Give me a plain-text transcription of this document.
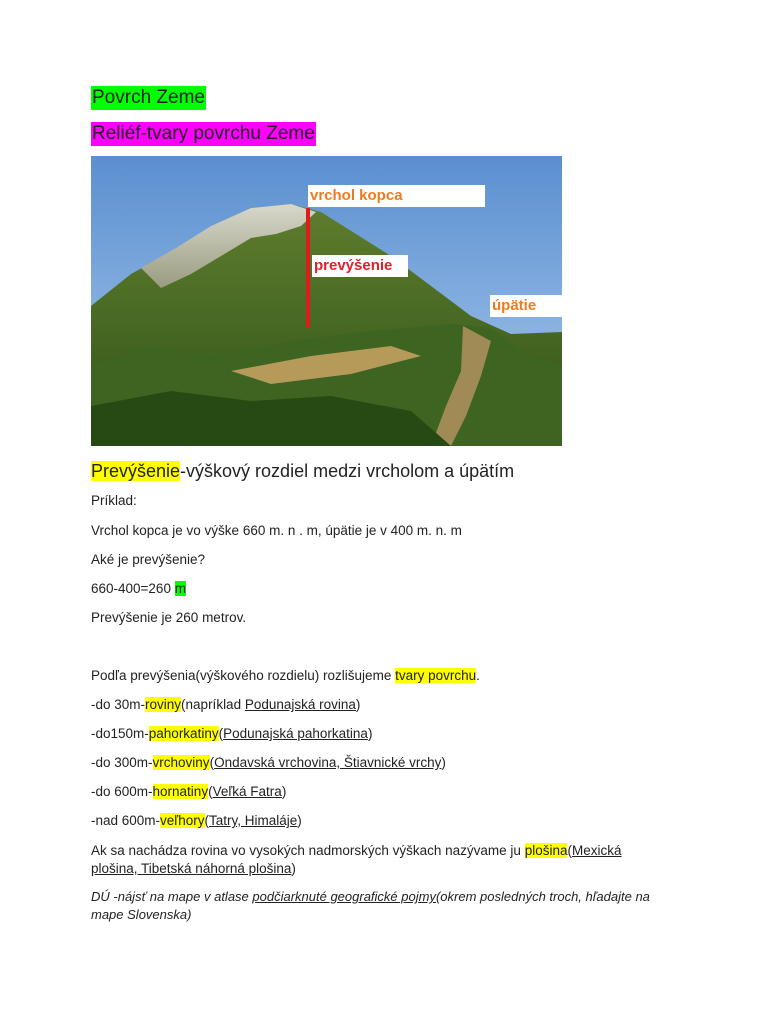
Povrch Zeme
Reliéf-tvary povrchu Zeme
vrchol kopca
prevýšenie
úpätie
Prevýšenie-výškový rozdiel medzi vrcholom a úpätím
Príklad:
Vrchol kopca je vo výške 660 m. n . m, úpätie je v 400 m. n. m
Aké je prevýšenie?
660-400=260 m
Prevýšenie je 260 metrov.
Podľa prevýšenia(výškového rozdielu) rozlišujeme tvary povrchu.
-do 30m-roviny(napríklad Podunajská rovina)
-do150m-pahorkatiny(Podunajská pahorkatina)
-do 300m-vrchoviny(Ondavská vrchovina, Štiavnické vrchy)
-do 600m-hornatiny(Veľká Fatra)
-nad 600m-veľhory(Tatry, Himaláje)
Ak sa nachádza rovina vo vysokých nadmorských výškach nazývame ju plošina(Mexická
plošina, Tibetská náhorná plošina)
DÚ -nájsť na mape v atlase podčiarknuté geografické pojmy(okrem posledných troch, hľadajte na
mape Slovenska)
